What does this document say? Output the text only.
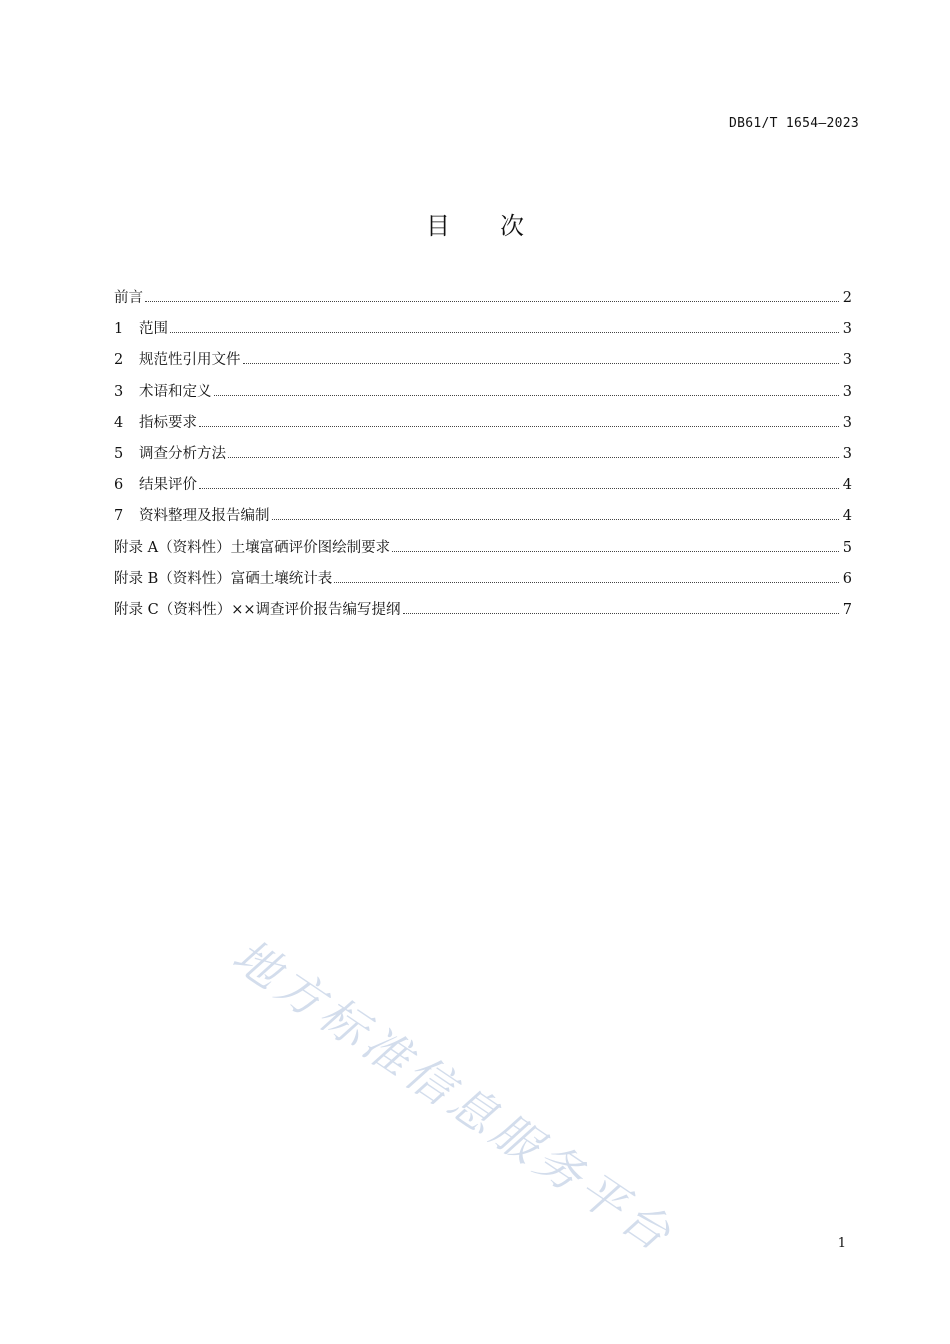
DB61/T 1654—2023
目次
前言	2
1	范围	3
2	规范性引用文件	3
3	术语和定义	3
4	指标要求	3
5	调查分析方法	3
6	结果评价	4
7	资料整理及报告编制	4
附录 A（资料性）土壤富硒评价图绘制要求	5
附录 B（资料性）富硒土壤统计表	6
附录 C（资料性）××调查评价报告编写提纲	7
地方标准信息服务平台	1
